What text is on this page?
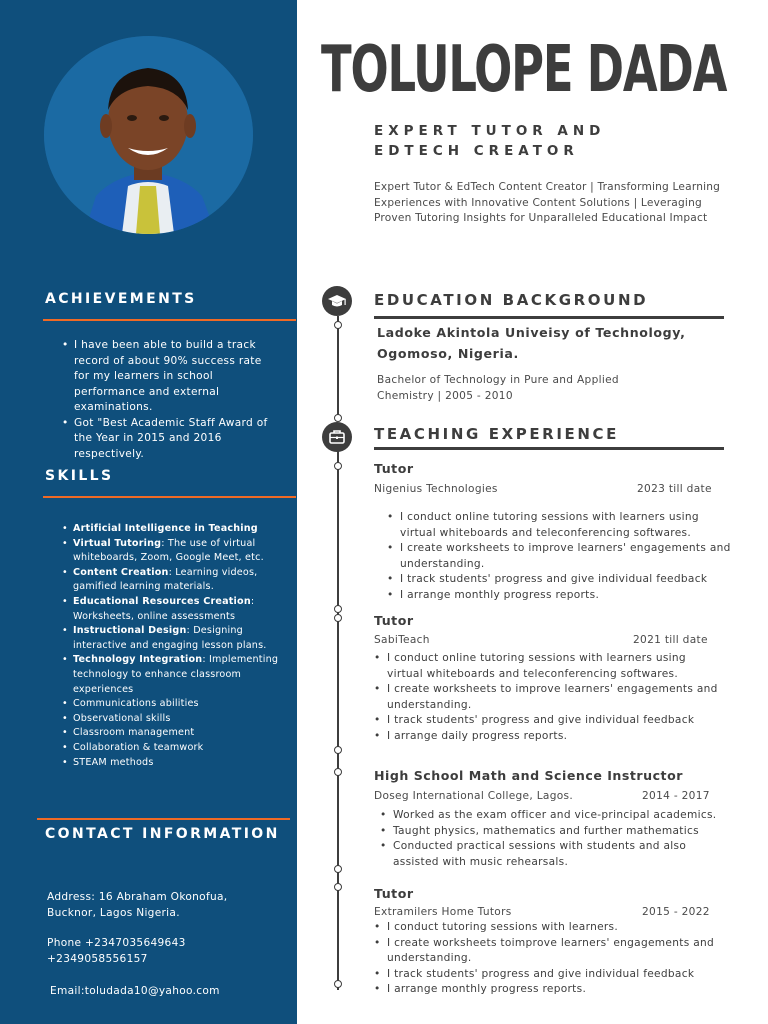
ACHIEVEMENTS
• I have been able to build a track record of about 90% success rate for my learners in school performance and external examinations.
• Got "Best Academic Staff Award of the Year in 2015 and 2016 respectively.
SKILLS
• Artificial Intelligence in Teaching
• Virtual Tutoring: The use of virtual whiteboards, Zoom, Google Meet, etc.
• Content Creation: Learning videos, gamified learning materials.
• Educational Resources Creation: Worksheets, online assessments
• Instructional Design: Designing interactive and engaging lesson plans.
• Technology Integration: Implementing technology to enhance classroom experiences
• Communications abilities
• Observational skills
• Classroom management
• Collaboration & teamwork
• STEAM methods
CONTACT INFORMATION
Address: 16 Abraham Okonofua, Bucknor, Lagos Nigeria.
Phone +2347035649643
+2349058556157
Email:toludada10@yahoo.com
TOLULOPE DADA
EXPERT TUTOR AND
EDTECH CREATOR
Expert Tutor & EdTech Content Creator | Transforming Learning Experiences with Innovative Content Solutions | Leveraging Proven Tutoring Insights for Unparalleled Educational Impact
EDUCATION BACKGROUND
Ladoke Akintola Univeisy of Technology, Ogomoso, Nigeria.
Bachelor of Technology in Pure and Applied Chemistry | 2005 - 2010
TEACHING EXPERIENCE
Tutor
Nigenius Technologies	2023 till date
• I conduct online tutoring sessions with learners using virtual whiteboards and teleconferencing softwares.
• I create worksheets to improve learners' engagements and understanding.
• I track students' progress and give individual feedback
• I arrange monthly progress reports.
Tutor
SabiTeach	2021 till date
• I conduct online tutoring sessions with learners using virtual whiteboards and teleconferencing softwares.
• I create worksheets to improve learners' engagements and understanding.
• I track students' progress and give individual feedback
• I arrange daily progress reports.
High School Math and Science Instructor
Doseg International College, Lagos.	2014 - 2017
• Worked as the exam officer and vice-principal academics.
• Taught physics, mathematics and further mathematics
• Conducted practical sessions with students and also assisted with music rehearsals.
Tutor
Extramilers Home Tutors	2015 - 2022
• I conduct tutoring sessions with learners.
• I create worksheets toimprove learners' engagements and understanding.
• I track students' progress and give individual feedback
• I arrange monthly progress reports.
